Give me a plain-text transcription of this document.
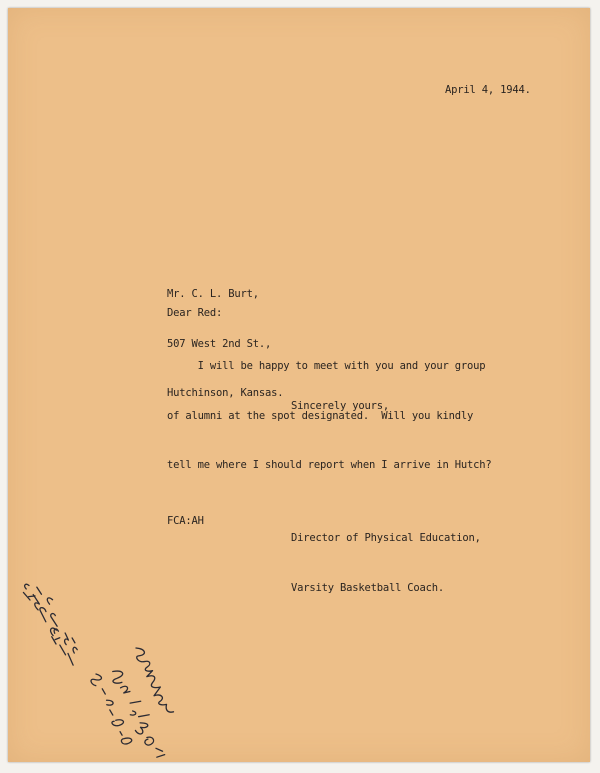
April 4, 1944.

Mr. C. L. Burt,

507 West 2nd St.,

Hutchinson, Kansas.

Dear Red:

I will be happy to meet with you and your group

of alumni at the spot designated.  Will you kindly

tell me where I should report when I arrive in Hutch?

Sincerely yours,

Director of Physical Education,

Varsity Basketball Coach.

FCA:AH
